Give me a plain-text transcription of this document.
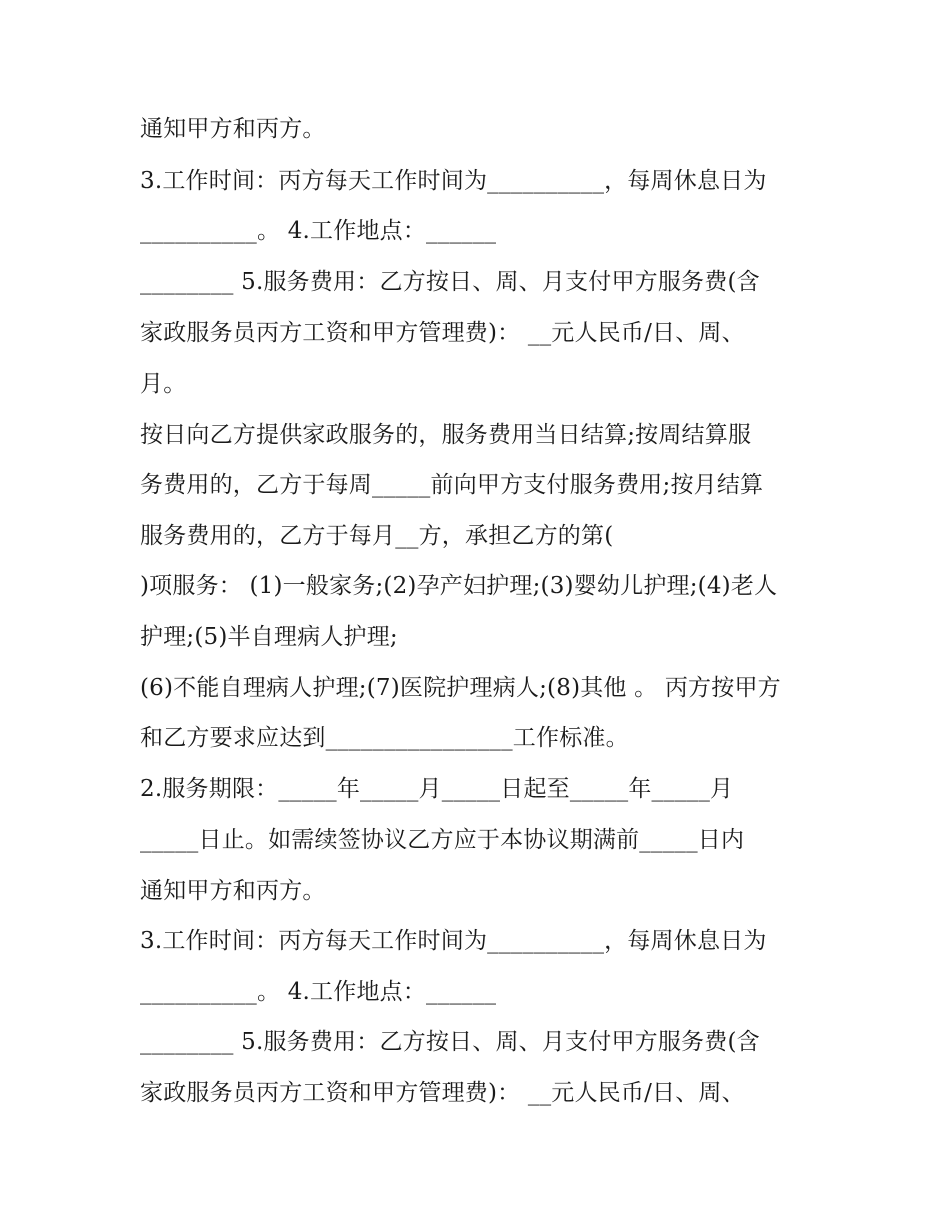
通知甲方和丙方。
3.工作时间：丙方每天工作时间为__________，每周休息日为
__________。 4.工作地点：______
________ 5.服务费用：乙方按日、周、月支付甲方服务费(含
家政服务员丙方工资和甲方管理费)： __元人民币/日、周、
月。
按日向乙方提供家政服务的，服务费用当日结算;按周结算服
务费用的，乙方于每周_____前向甲方支付服务费用;按月结算
服务费用的，乙方于每月__方，承担乙方的第(
)项服务： (1)一般家务;(2)孕产妇护理;(3)婴幼儿护理;(4)老人
护理;(5)半自理病人护理;
(6)不能自理病人护理;(7)医院护理病人;(8)其他 。 丙方按甲方
和乙方要求应达到________________工作标准。
2.服务期限：_____年_____月_____日起至_____年_____月
_____日止。如需续签协议乙方应于本协议期满前_____日内
通知甲方和丙方。
3.工作时间：丙方每天工作时间为__________，每周休息日为
__________。 4.工作地点：______
________ 5.服务费用：乙方按日、周、月支付甲方服务费(含
家政服务员丙方工资和甲方管理费)： __元人民币/日、周、
